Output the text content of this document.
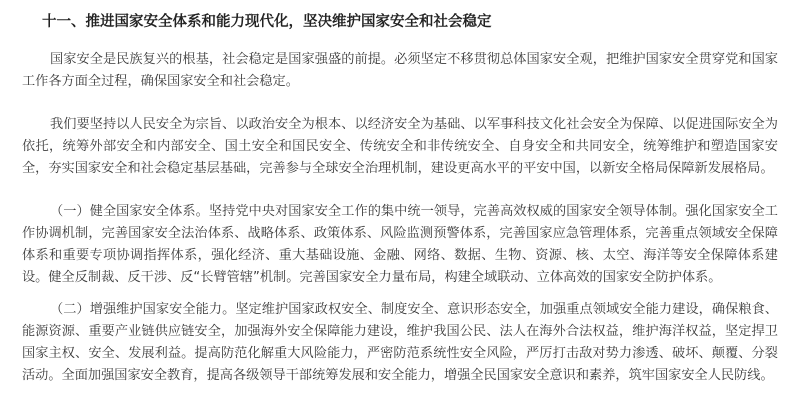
十一、推进国家安全体系和能力现代化，坚决维护国家安全和社会稳定

国家安全是民族复兴的根基，社会稳定是国家强盛的前提。必须坚定不移贯彻总体国家安全观，把维护国家安全贯穿党和国家工作各方面全过程，确保国家安全和社会稳定。

我们要坚持以人民安全为宗旨、以政治安全为根本、以经济安全为基础、以军事科技文化社会安全为保障、以促进国际安全为依托，统筹外部安全和内部安全、国土安全和国民安全、传统安全和非传统安全、自身安全和共同安全，统筹维护和塑造国家安全，夯实国家安全和社会稳定基层基础，完善参与全球安全治理机制，建设更高水平的平安中国，以新安全格局保障新发展格局。

（一）健全国家安全体系。坚持党中央对国家安全工作的集中统一领导，完善高效权威的国家安全领导体制。强化国家安全工作协调机制，完善国家安全法治体系、战略体系、政策体系、风险监测预警体系，完善国家应急管理体系，完善重点领域安全保障体系和重要专项协调指挥体系，强化经济、重大基础设施、金融、网络、数据、生物、资源、核、太空、海洋等安全保障体系建设。健全反制裁、反干涉、反“长臂管辖”机制。完善国家安全力量布局，构建全域联动、立体高效的国家安全防护体系。

（二）增强维护国家安全能力。坚定维护国家政权安全、制度安全、意识形态安全，加强重点领域安全能力建设，确保粮食、能源资源、重要产业链供应链安全，加强海外安全保障能力建设，维护我国公民、法人在海外合法权益，维护海洋权益，坚定捍卫国家主权、安全、发展利益。提高防范化解重大风险能力，严密防范系统性安全风险，严厉打击敌对势力渗透、破坏、颠覆、分裂活动。全面加强国家安全教育，提高各级领导干部统筹发展和安全能力，增强全民国家安全意识和素养，筑牢国家安全人民防线。
